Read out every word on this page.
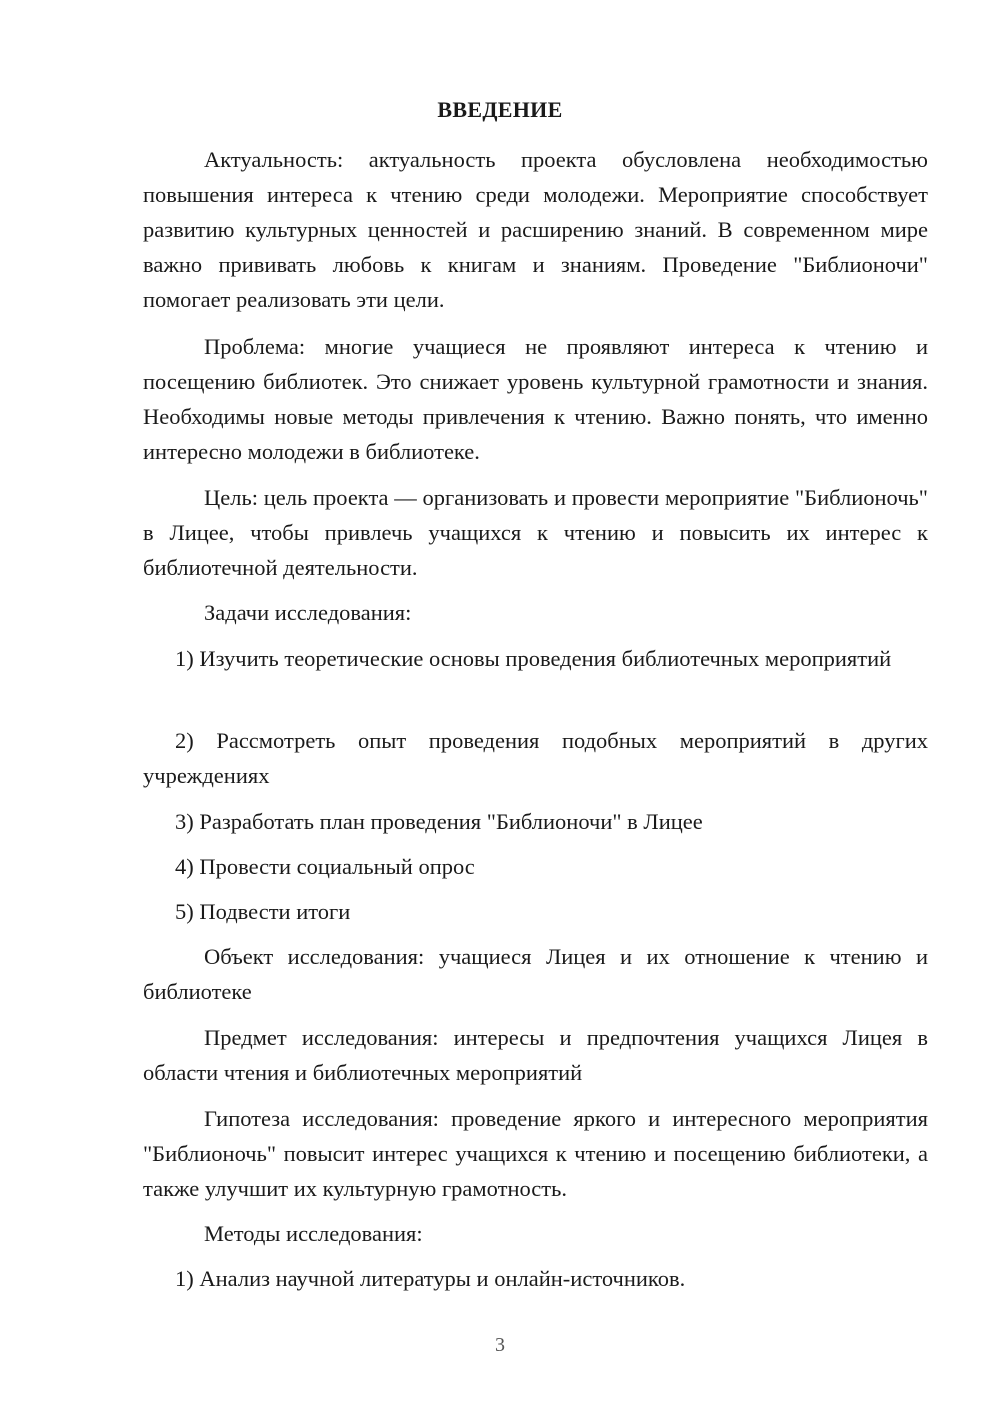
ВВЕДЕНИЕ

Актуальность: актуальность проекта обусловлена необходимостью повышения интереса к чтению среди молодежи. Мероприятие способствует развитию культурных ценностей и расширению знаний. В современном мире важно прививать любовь к книгам и знаниям. Проведение "Библионочи" помогает реализовать эти цели.

Проблема: многие учащиеся не проявляют интереса к чтению и посещению библиотек. Это снижает уровень культурной грамотности и знания. Необходимы новые методы привлечения к чтению. Важно понять, что именно интересно молодежи в библиотеке.

Цель: цель проекта — организовать и провести мероприятие "Библионочь" в Лицее, чтобы привлечь учащихся к чтению и повысить их интерес к библиотечной деятельности.

Задачи исследования:

1) Изучить теоретические основы проведения библиотечных мероприятий

2) Рассмотреть опыт проведения подобных мероприятий в других учреждениях

3) Разработать план проведения "Библионочи" в Лицее

4) Провести социальный опрос

5) Подвести итоги

Объект исследования: учащиеся Лицея и их отношение к чтению и библиотеке

Предмет исследования: интересы и предпочтения учащихся Лицея в области чтения и библиотечных мероприятий

Гипотеза исследования: проведение яркого и интересного мероприятия "Библионочь" повысит интерес учащихся к чтению и посещению библиотеки, а также улучшит их культурную грамотность.

Методы исследования:

1) Анализ научной литературы и онлайн-источников.

3
